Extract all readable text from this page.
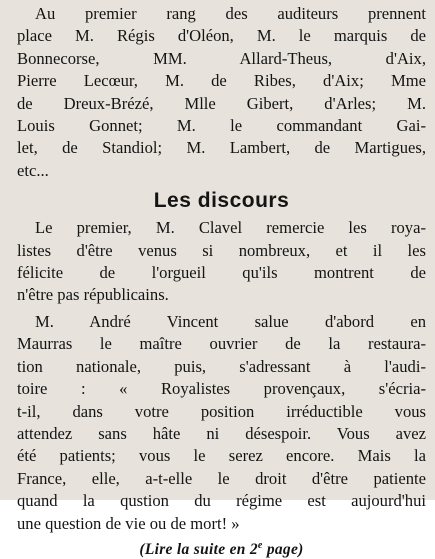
Au premier rang des auditeurs prennent
place M. Régis d'Oléon, M. le marquis de
Bonnecorse, MM. Allard-Theus, d'Aix,
Pierre Lecœur, M. de Ribes, d'Aix; Mme
de Dreux-Brézé, Mlle Gibert, d'Arles; M.
Louis Gonnet; M. le commandant Gai-
let, de Standiol; M. Lambert, de Martigues,
etc...

Les discours

Le premier, M. Clavel remercie les roya-
listes d'être venus si nombreux, et il les
félicite de l'orgueil qu'ils montrent de
n'être pas républicains.

M. André Vincent salue d'abord en
Maurras le maître ouvrier de la restaura-
tion nationale, puis, s'adressant à l'audi-
toire : « Royalistes provençaux, s'écria-
t-il, dans votre position irréductible vous
attendez sans hâte ni désespoir. Vous avez
été patients; vous le serez encore. Mais la
France, elle, a-t-elle le droit d'être patiente
quand la qustion du régime est aujourd'hui
une question de vie ou de mort! »

(Lire la suite en 2e page)
